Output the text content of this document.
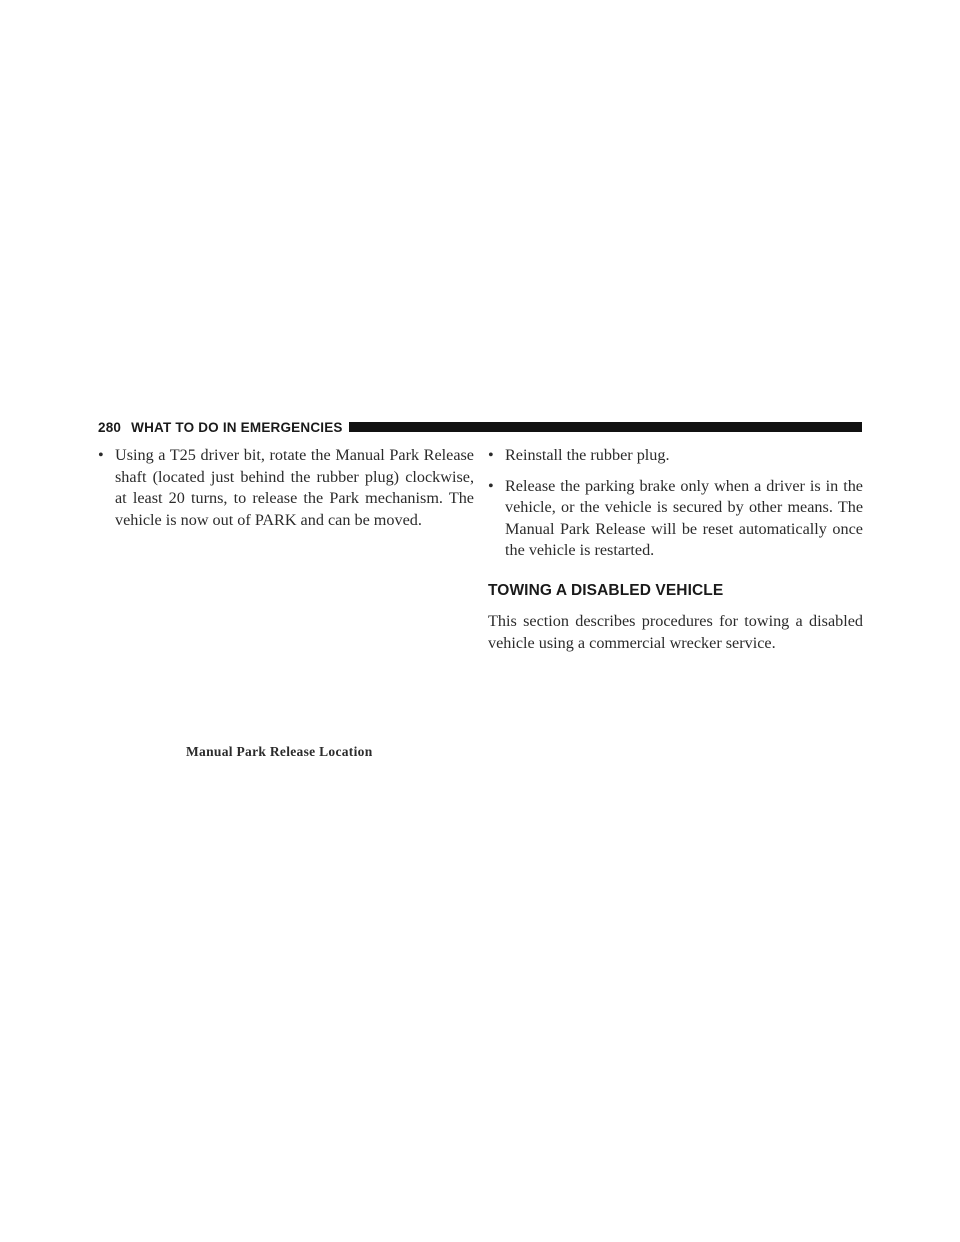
280 WHAT TO DO IN EMERGENCIES
• Using a T25 driver bit, rotate the Manual Park Release shaft (located just behind the rubber plug) clockwise, at least 20 turns, to release the Park mechanism. The vehicle is now out of PARK and can be moved.
Manual Park Release Location
• Reinstall the rubber plug.
• Release the parking brake only when a driver is in the vehicle, or the vehicle is secured by other means. The Manual Park Release will be reset automatically once the vehicle is restarted.
TOWING A DISABLED VEHICLE

This section describes procedures for towing a disabled vehicle using a commercial wrecker service.
